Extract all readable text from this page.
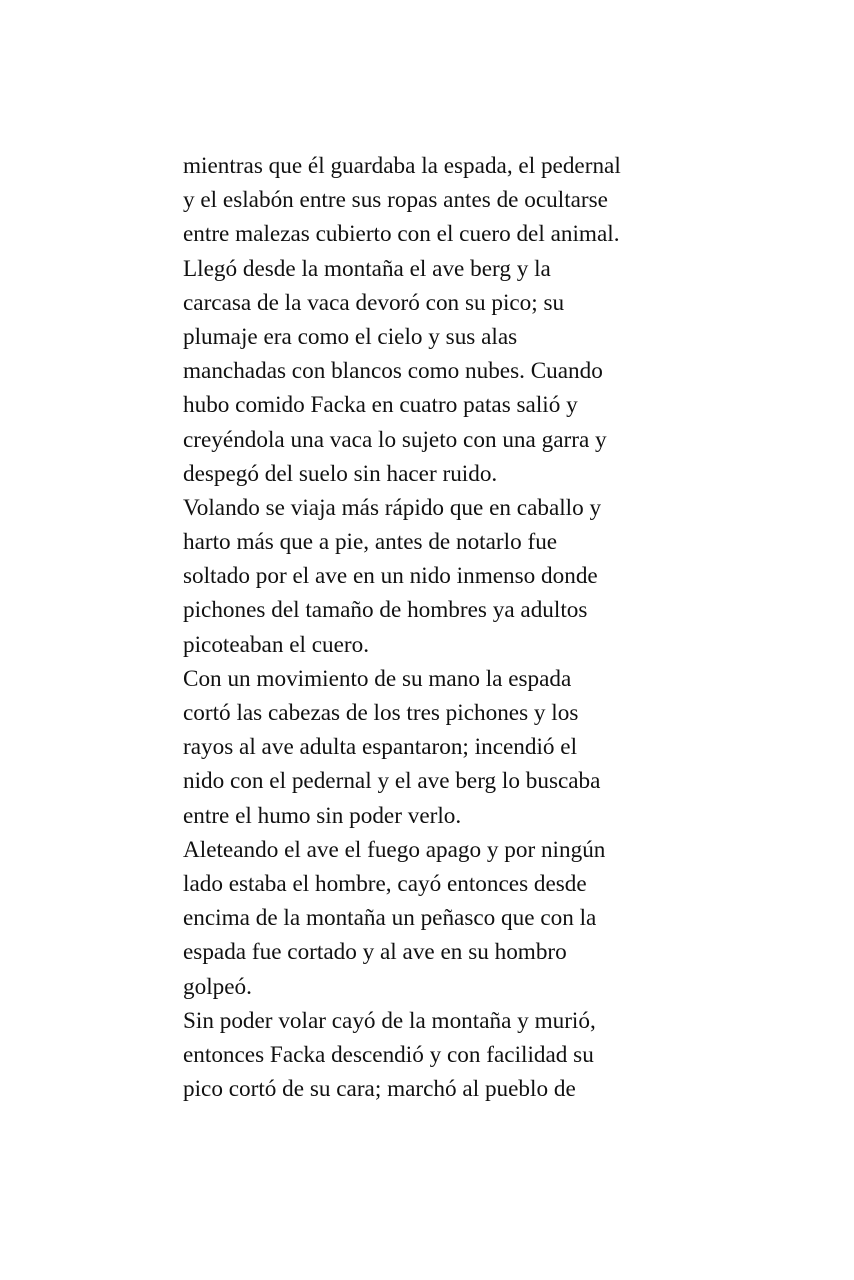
mientras que él guardaba la espada, el pedernal
y el eslabón entre sus ropas antes de ocultarse
entre malezas cubierto con el cuero del animal.
Llegó desde la montaña el ave berg y la
carcasa de la vaca devoró con su pico; su
plumaje era como el cielo y sus alas
manchadas con blancos como nubes. Cuando
hubo comido Facka en cuatro patas salió y
creyéndola una vaca lo sujeto con una garra y
despegó del suelo sin hacer ruido.
Volando se viaja más rápido que en caballo y
harto más que a pie, antes de notarlo fue
soltado por el ave en un nido inmenso donde
pichones del tamaño de hombres ya adultos
picoteaban el cuero.
Con un movimiento de su mano la espada
cortó las cabezas de los tres pichones y los
rayos al ave adulta espantaron; incendió el
nido con el pedernal y el ave berg lo buscaba
entre el humo sin poder verlo.
Aleteando el ave el fuego apago y por ningún
lado estaba el hombre, cayó entonces desde
encima de la montaña un peñasco que con la
espada fue cortado y al ave en su hombro
golpeó.
Sin poder volar cayó de la montaña y murió,
entonces Facka descendió y con facilidad su
pico cortó de su cara; marchó al pueblo de
